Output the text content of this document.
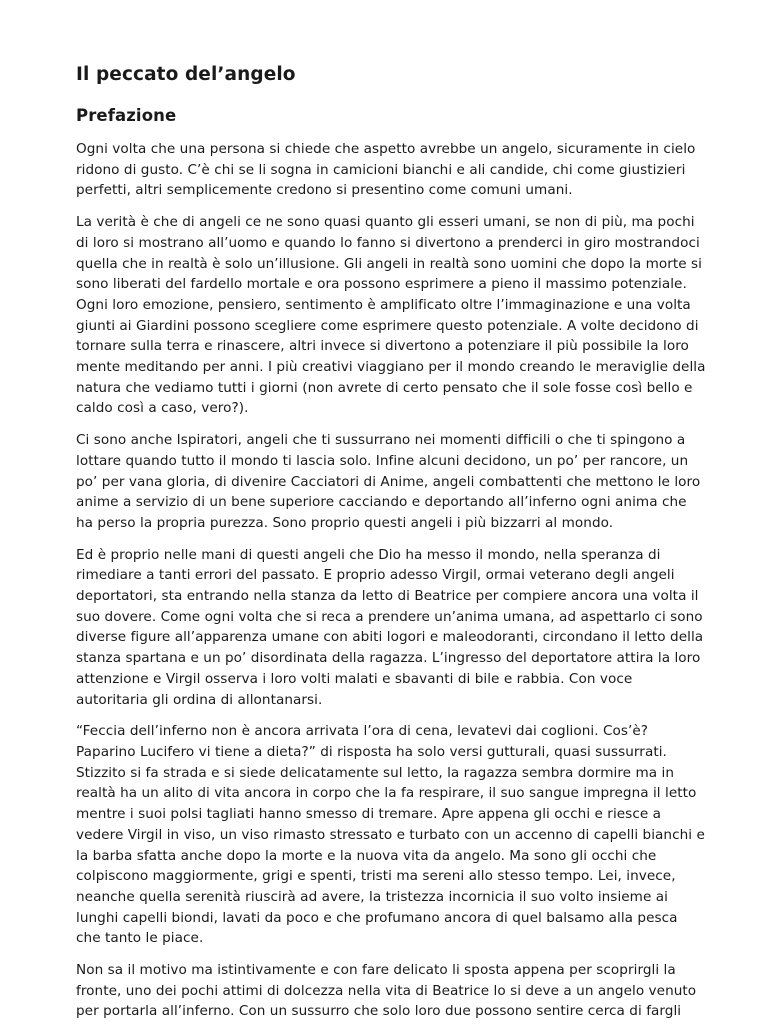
Il peccato del’angelo
Prefazione

Ogni volta che una persona si chiede che aspetto avrebbe un angelo, sicuramente in cielo ridono di gusto. C’è chi se li sogna in camicioni bianchi e ali candide, chi come giustizieri perfetti, altri semplicemente credono si presentino come comuni umani.

La verità è che di angeli ce ne sono quasi quanto gli esseri umani, se non di più, ma pochi di loro si mostrano all’uomo e quando lo fanno si divertono a prenderci in giro mostrandoci quella che in realtà è solo un’illusione. Gli angeli in realtà sono uomini che dopo la morte si sono liberati del fardello mortale e ora possono esprimere a pieno il massimo potenziale. Ogni loro emozione, pensiero, sentimento è amplificato oltre l’immaginazione e una volta giunti ai Giardini possono scegliere come esprimere questo potenziale. A volte decidono di tornare sulla terra e rinascere, altri invece si divertono a potenziare il più possibile la loro mente meditando per anni. I più creativi viaggiano per il mondo creando le meraviglie della natura che vediamo tutti i giorni (non avrete di certo pensato che il sole fosse così bello e caldo così a caso, vero?).

Ci sono anche Ispiratori, angeli che ti sussurrano nei momenti difficili o che ti spingono a lottare quando tutto il mondo ti lascia solo. Infine alcuni decidono, un po’ per rancore, un po’ per vana gloria, di divenire Cacciatori di Anime, angeli combattenti che mettono le loro anime a servizio di un bene superiore cacciando e deportando all’inferno ogni anima che ha perso la propria purezza. Sono proprio questi angeli i più bizzarri al mondo.

Ed è proprio nelle mani di questi angeli che Dio ha messo il mondo, nella speranza di rimediare a tanti errori del passato. E proprio adesso Virgil, ormai veterano degli angeli deportatori, sta entrando nella stanza da letto di Beatrice per compiere ancora una volta il suo dovere. Come ogni volta che si reca a prendere un’anima umana, ad aspettarlo ci sono diverse figure all’apparenza umane con abiti logori e maleodoranti, circondano il letto della stanza spartana e un po’ disordinata della ragazza. L’ingresso del deportatore attira la loro attenzione e Virgil osserva i loro volti malati e sbavanti di bile e rabbia. Con voce autoritaria gli ordina di allontanarsi.

“Feccia dell’inferno non è ancora arrivata l’ora di cena, levatevi dai coglioni. Cos’è? Paparino Lucifero vi tiene a dieta?” di risposta ha solo versi gutturali, quasi sussurrati. Stizzito si fa strada e si siede delicatamente sul letto, la ragazza sembra dormire ma in realtà ha un alito di vita ancora in corpo che la fa respirare, il suo sangue impregna il letto mentre i suoi polsi tagliati hanno smesso di tremare. Apre appena gli occhi e riesce a vedere Virgil in viso, un viso rimasto stressato e turbato con un accenno di capelli bianchi e la barba sfatta anche dopo la morte e la nuova vita da angelo. Ma sono gli occhi che colpiscono maggiormente, grigi e spenti, tristi ma sereni allo stesso tempo. Lei, invece, neanche quella serenità riuscirà ad avere, la tristezza incornicia il suo volto insieme ai lunghi capelli biondi, lavati da poco e che profumano ancora di quel balsamo alla pesca che tanto le piace.

Non sa il motivo ma istintivamente e con fare delicato li sposta appena per scoprirgli la fronte, uno dei pochi attimi di dolcezza nella vita di Beatrice lo si deve a un angelo venuto per portarla all’inferno. Con un sussurro che solo loro due possono sentire cerca di fargli
